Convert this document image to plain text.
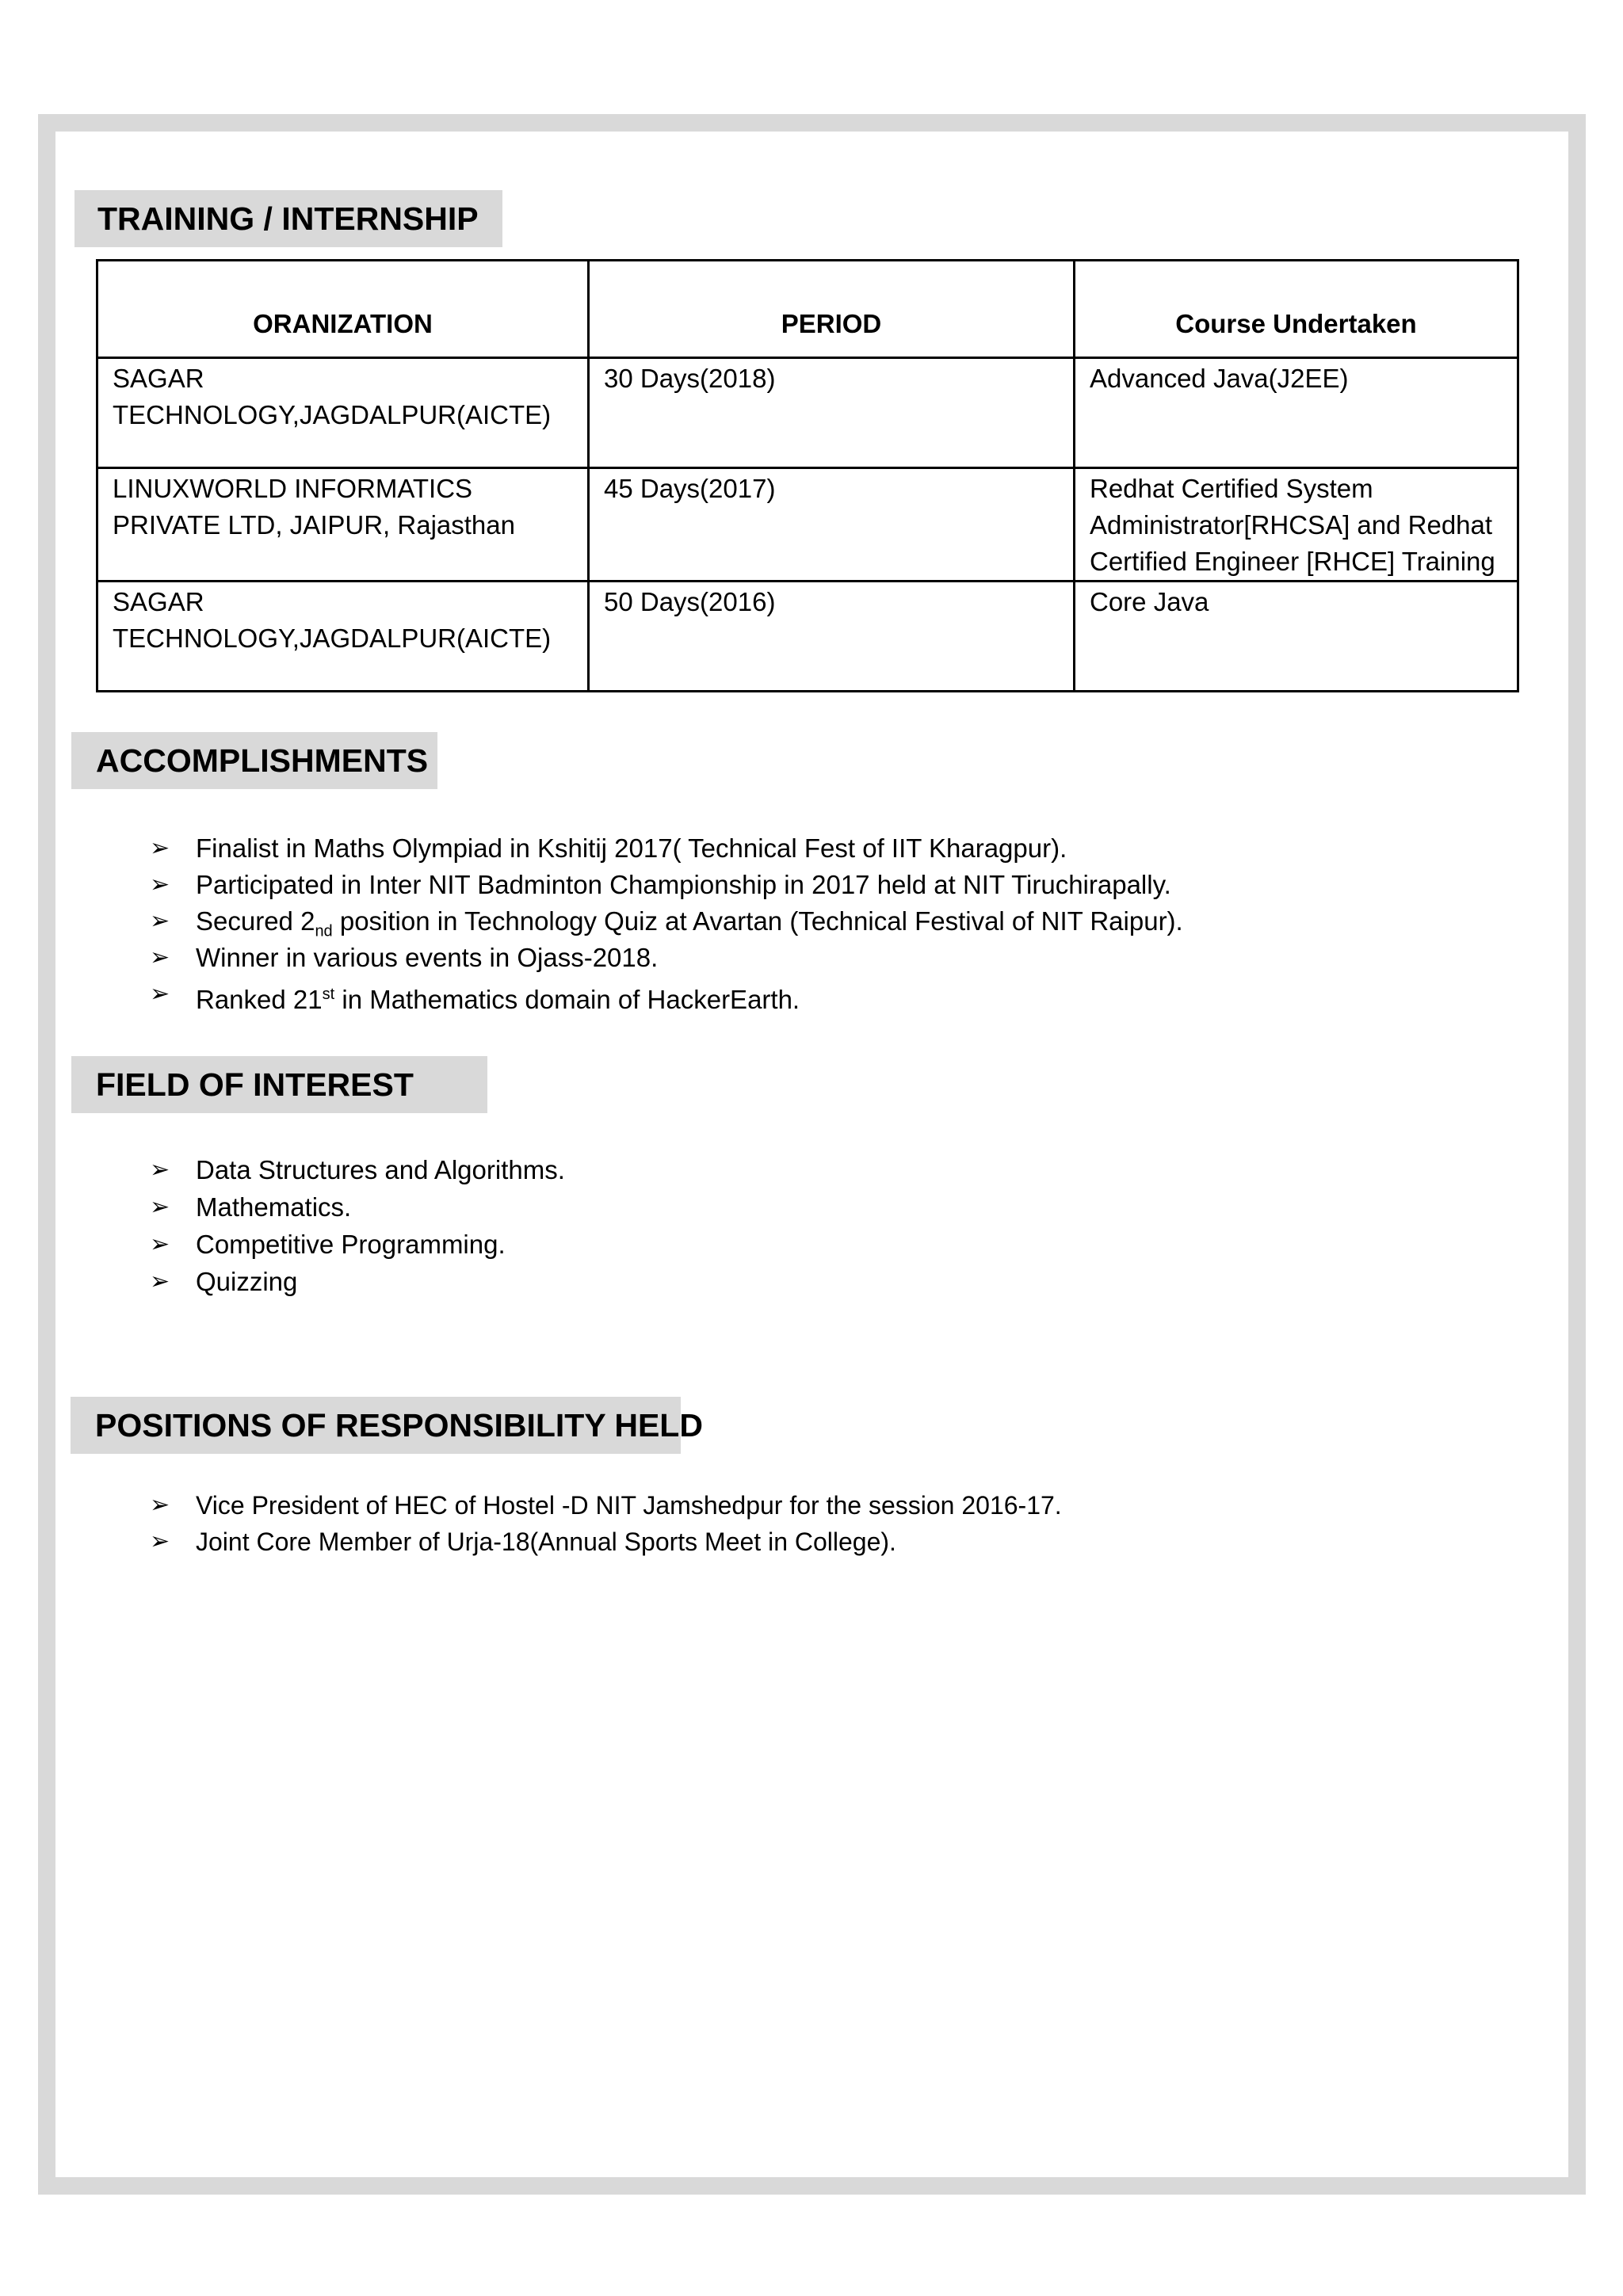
TRAINING / INTERNSHIP
ORANIZATION	PERIOD	Course Undertaken
SAGAR TECHNOLOGY,JAGDALPUR(AICTE)	30 Days(2018)	Advanced Java(J2EE)
LINUXWORLD INFORMATICS PRIVATE LTD, JAIPUR, Rajasthan	45 Days(2017)	Redhat Certified System Administrator[RHCSA] and Redhat Certified Engineer [RHCE] Training
SAGAR TECHNOLOGY,JAGDALPUR(AICTE)	50 Days(2016)	Core Java
ACCOMPLISHMENTS
➢ Finalist in Maths Olympiad in Kshitij 2017( Technical Fest of IIT Kharagpur).
➢ Participated in Inter NIT Badminton Championship in 2017 held at NIT Tiruchirapally.
➢ Secured $2_{nd}$ position in Technology Quiz at Avartan (Technical Festival of NIT Raipur).
➢ Winner in various events in Ojass-2018.
➢ Ranked 21st in Mathematics domain of HackerEarth.
FIELD OF INTEREST
➢ Data Structures and Algorithms.
➢ Mathematics.
➢ Competitive Programming.
➢ Quizzing
POSITIONS OF RESPONSIBILITY HELD
➢ Vice President of HEC of Hostel -D NIT Jamshedpur for the session 2016-17.
➢ Joint Core Member of Urja-18(Annual Sports Meet in College).
